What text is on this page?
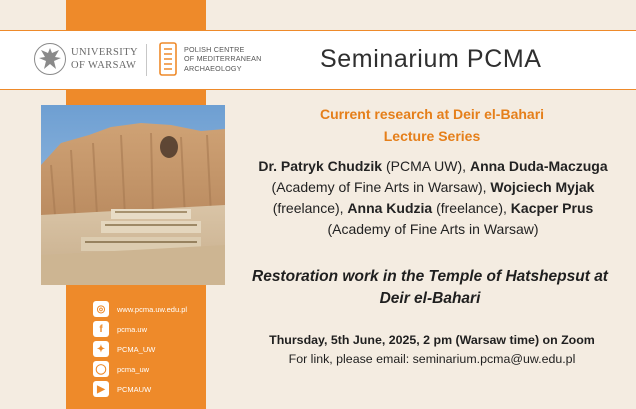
UNIVERSITY
OF WARSAW
POLISH CENTRE
OF MEDITERRANEAN
ARCHAEOLOGY	Seminarium PCMA
Current research at Deir el-Bahari
Lecture Series
Dr. Patryk Chudzik (PCMA UW), Anna Duda-Maczuga (Academy of Fine Arts in Warsaw), Wojciech Myjak (freelance), Anna Kudzia (freelance), Kacper Prus (Academy of Fine Arts in Warsaw)
Restoration work in the Temple of Hatshepsut at Deir el-Bahari
Thursday, 5th June, 2025, 2 pm (Warsaw time) on Zoom
For link, please email: seminarium.pcma@uw.edu.pl
◎	www.pcma.uw.edu.pl
f	pcma.uw
✦	PCMA_UW
◯	pcma_uw
▶	PCMAUW
